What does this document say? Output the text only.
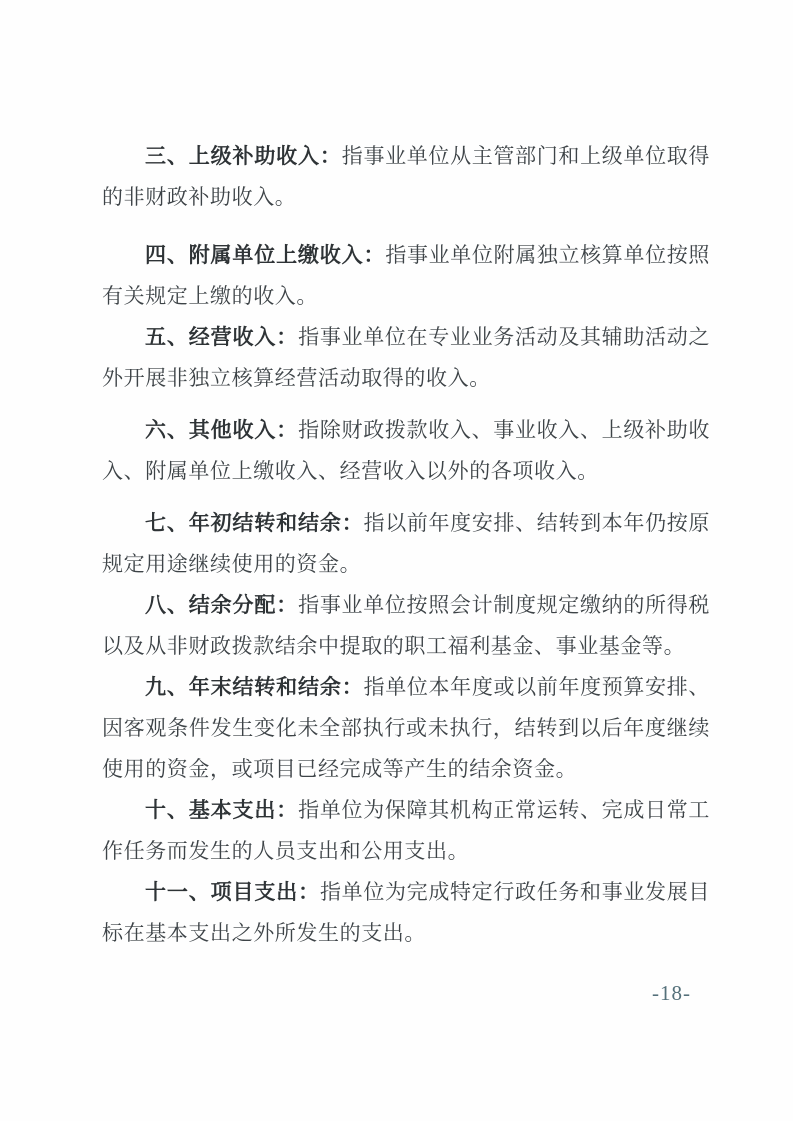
三、上级补助收入：指事业单位从主管部门和上级单位取得的非财政补助收入。

四、附属单位上缴收入：指事业单位附属独立核算单位按照有关规定上缴的收入。

五、经营收入：指事业单位在专业业务活动及其辅助活动之外开展非独立核算经营活动取得的收入。

六、其他收入：指除财政拨款收入、事业收入、上级补助收入、附属单位上缴收入、经营收入以外的各项收入。

七、年初结转和结余：指以前年度安排、结转到本年仍按原规定用途继续使用的资金。

八、结余分配：指事业单位按照会计制度规定缴纳的所得税以及从非财政拨款结余中提取的职工福利基金、事业基金等。

九、年末结转和结余：指单位本年度或以前年度预算安排、因客观条件发生变化未全部执行或未执行，结转到以后年度继续使用的资金，或项目已经完成等产生的结余资金。

十、基本支出：指单位为保障其机构正常运转、完成日常工作任务而发生的人员支出和公用支出。

十一、项目支出：指单位为完成特定行政任务和事业发展目标在基本支出之外所发生的支出。

-18-
